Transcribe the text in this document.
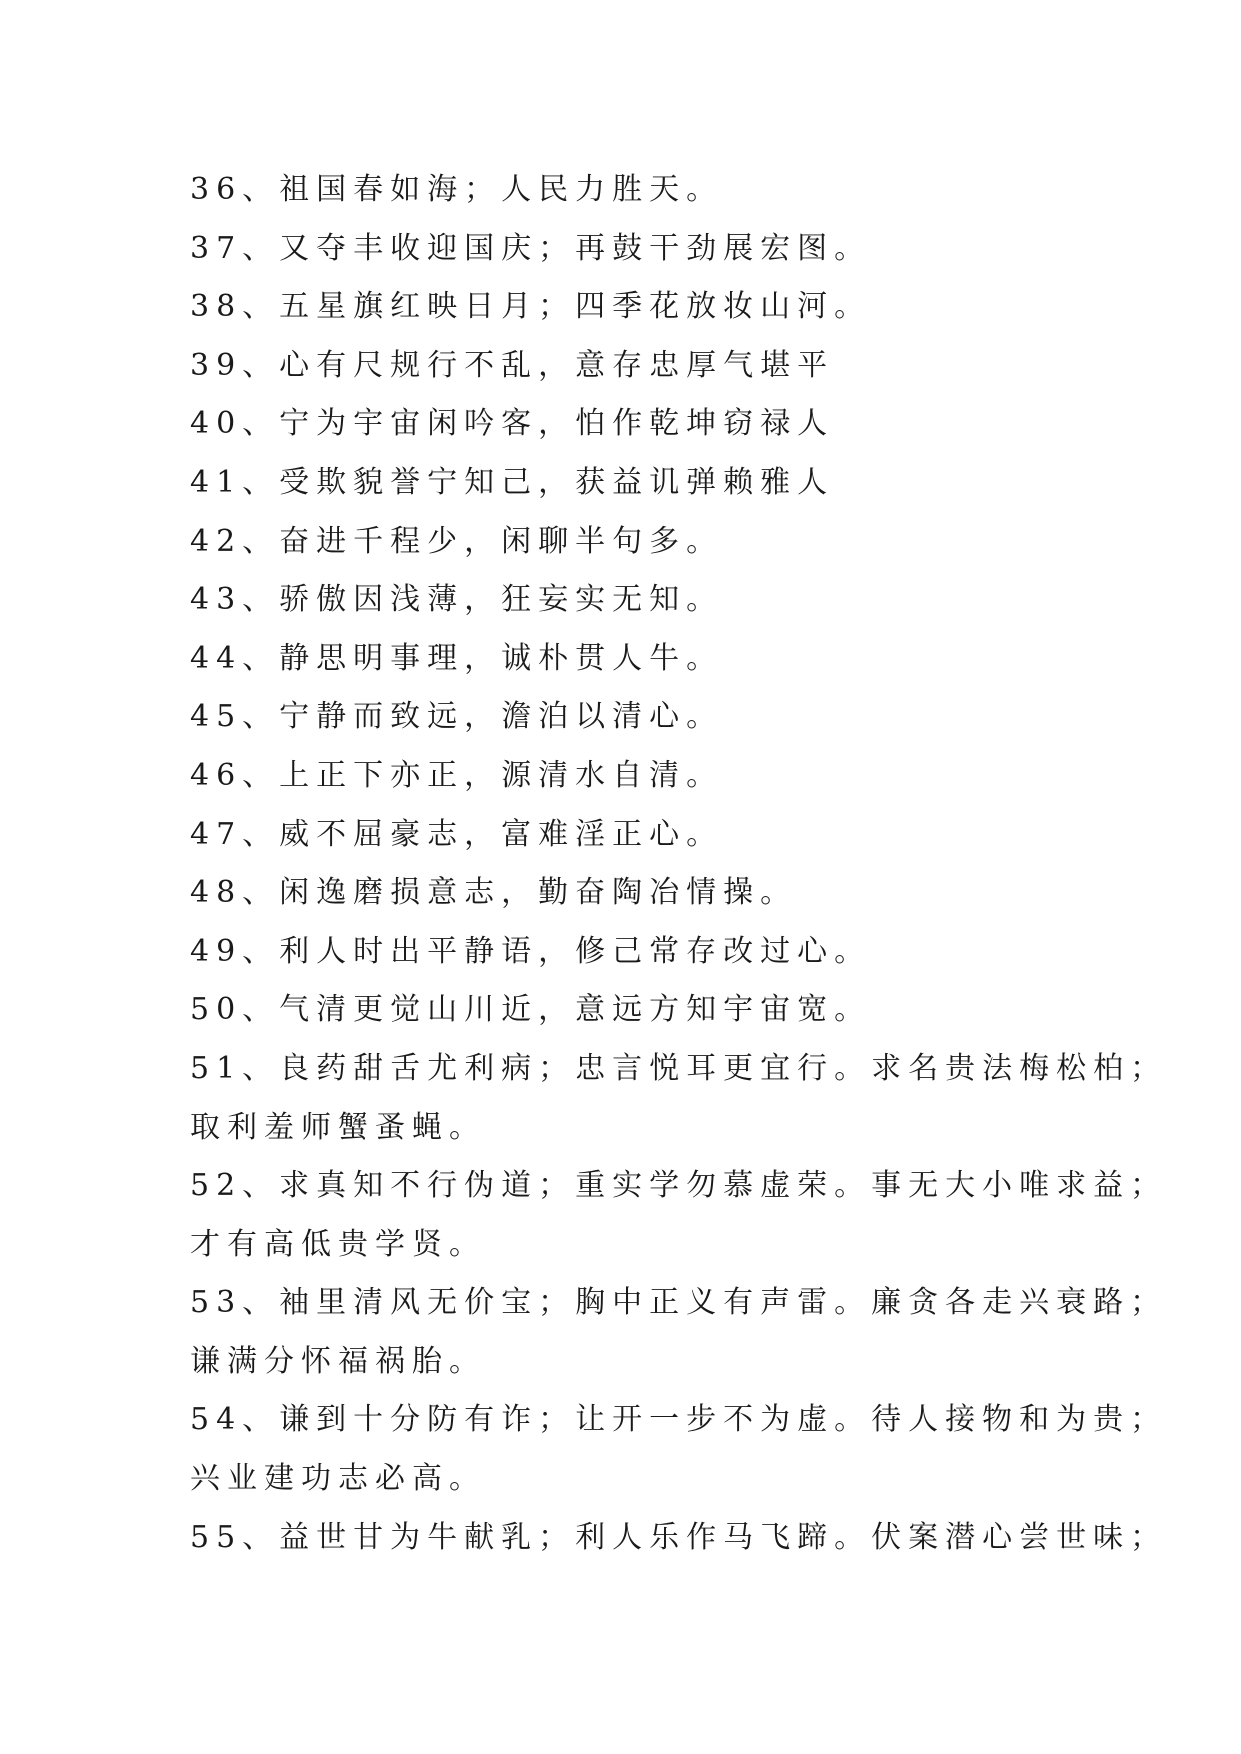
36、祖国春如海；人民力胜天。
37、又夺丰收迎国庆；再鼓干劲展宏图。
38、五星旗红映日月；四季花放妆山河。
39、心有尺规行不乱，意存忠厚气堪平
40、宁为宇宙闲吟客，怕作乾坤窃禄人
41、受欺貌誉宁知己，获益讥弹赖雅人
42、奋进千程少，闲聊半句多。
43、骄傲因浅薄，狂妄实无知。
44、静思明事理，诚朴贯人牛。
45、宁静而致远，澹泊以清心。
46、上正下亦正，源清水自清。
47、威不屈豪志，富难淫正心。
48、闲逸磨损意志，勤奋陶冶情操。
49、利人时出平静语，修己常存改过心。
50、气清更觉山川近，意远方知宇宙宽。
51、良药甜舌尤利病；忠言悦耳更宜行。求名贵法梅松柏；
取利羞师蟹蚤蝇。
52、求真知不行伪道；重实学勿慕虚荣。事无大小唯求益；
才有高低贵学贤。
53、袖里清风无价宝；胸中正义有声雷。廉贪各走兴衰路；
谦满分怀福祸胎。
54、谦到十分防有诈；让开一步不为虚。待人接物和为贵；
兴业建功志必高。
55、益世甘为牛献乳；利人乐作马飞蹄。伏案潜心尝世味；
